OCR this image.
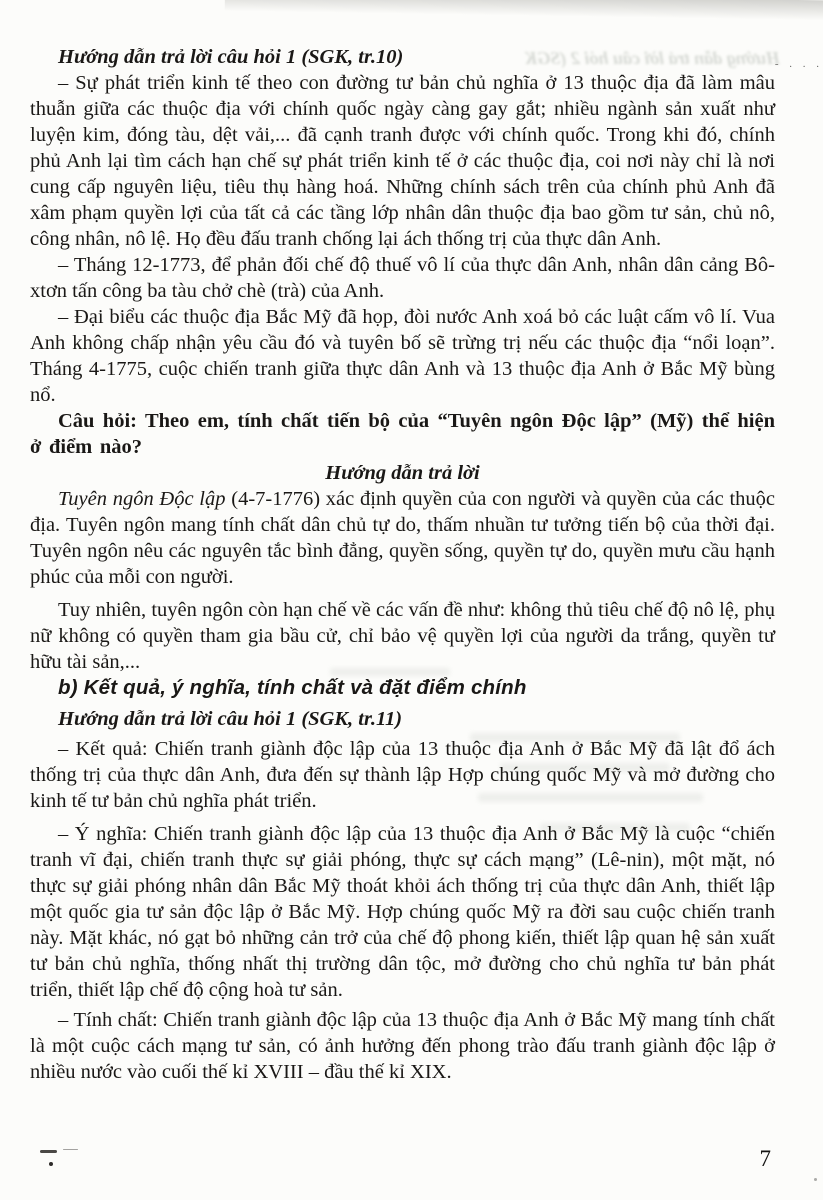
Hướng dẫn trả lời câu hỏi 2 (SGK
- . . .
Hướng dẫn trả lời câu hỏi 1 (SGK, tr.10)

– Sự phát triển kinh tế theo con đường tư bản chủ nghĩa ở 13 thuộc địa đã làm mâu thuẫn giữa các thuộc địa với chính quốc ngày càng gay gắt; nhiều ngành sản xuất như luyện kim, đóng tàu, dệt vải,... đã cạnh tranh được với chính quốc. Trong khi đó, chính phủ Anh lại tìm cách hạn chế sự phát triển kinh tế ở các thuộc địa, coi nơi này chỉ là nơi cung cấp nguyên liệu, tiêu thụ hàng hoá. Những chính sách trên của chính phủ Anh đã xâm phạm quyền lợi của tất cả các tầng lớp nhân dân thuộc địa bao gồm tư sản, chủ nô, công nhân, nô lệ. Họ đều đấu tranh chống lại ách thống trị của thực dân Anh.

– Tháng 12-1773, để phản đối chế độ thuế vô lí của thực dân Anh, nhân dân cảng Bô-xtơn tấn công ba tàu chở chè (trà) của Anh.

– Đại biểu các thuộc địa Bắc Mỹ đã họp, đòi nước Anh xoá bỏ các luật cấm vô lí. Vua Anh không chấp nhận yêu cầu đó và tuyên bố sẽ trừng trị nếu các thuộc địa “nổi loạn”. Tháng 4-1775, cuộc chiến tranh giữa thực dân Anh và 13 thuộc địa Anh ở Bắc Mỹ bùng nổ.

Câu hỏi: Theo em, tính chất tiến bộ của “Tuyên ngôn Độc lập” (Mỹ) thể hiện ở điểm nào?

Hướng dẫn trả lời

Tuyên ngôn Độc lập (4-7-1776) xác định quyền của con người và quyền của các thuộc địa. Tuyên ngôn mang tính chất dân chủ tự do, thấm nhuần tư tưởng tiến bộ của thời đại. Tuyên ngôn nêu các nguyên tắc bình đẳng, quyền sống, quyền tự do, quyền mưu cầu hạnh phúc của mỗi con người.

Tuy nhiên, tuyên ngôn còn hạn chế về các vấn đề như: không thủ tiêu chế độ nô lệ, phụ nữ không có quyền tham gia bầu cử, chỉ bảo vệ quyền lợi của người da trắng, quyền tư hữu tài sản,...

b) Kết quả, ý nghĩa, tính chất và đặt điểm chính
Hướng dẫn trả lời câu hỏi 1 (SGK, tr.11)

– Kết quả: Chiến tranh giành độc lập của 13 thuộc địa Anh ở Bắc Mỹ đã lật đổ ách thống trị của thực dân Anh, đưa đến sự thành lập Hợp chúng quốc Mỹ và mở đường cho kinh tế tư bản chủ nghĩa phát triển.

– Ý nghĩa: Chiến tranh giành độc lập của 13 thuộc địa Anh ở Bắc Mỹ là cuộc “chiến tranh vĩ đại, chiến tranh thực sự giải phóng, thực sự cách mạng” (Lê-nin), một mặt, nó thực sự giải phóng nhân dân Bắc Mỹ thoát khỏi ách thống trị của thực dân Anh, thiết lập một quốc gia tư sản độc lập ở Bắc Mỹ. Hợp chúng quốc Mỹ ra đời sau cuộc chiến tranh này. Mặt khác, nó gạt bỏ những cản trở của chế độ phong kiến, thiết lập quan hệ sản xuất tư bản chủ nghĩa, thống nhất thị trường dân tộc, mở đường cho chủ nghĩa tư bản phát triển, thiết lập chế độ cộng hoà tư sản.

– Tính chất: Chiến tranh giành độc lập của 13 thuộc địa Anh ở Bắc Mỹ mang tính chất là một cuộc cách mạng tư sản, có ảnh hưởng đến phong trào đấu tranh giành độc lập ở nhiều nước vào cuối thế kỉ XVIII – đầu thế kỉ XIX.

7
